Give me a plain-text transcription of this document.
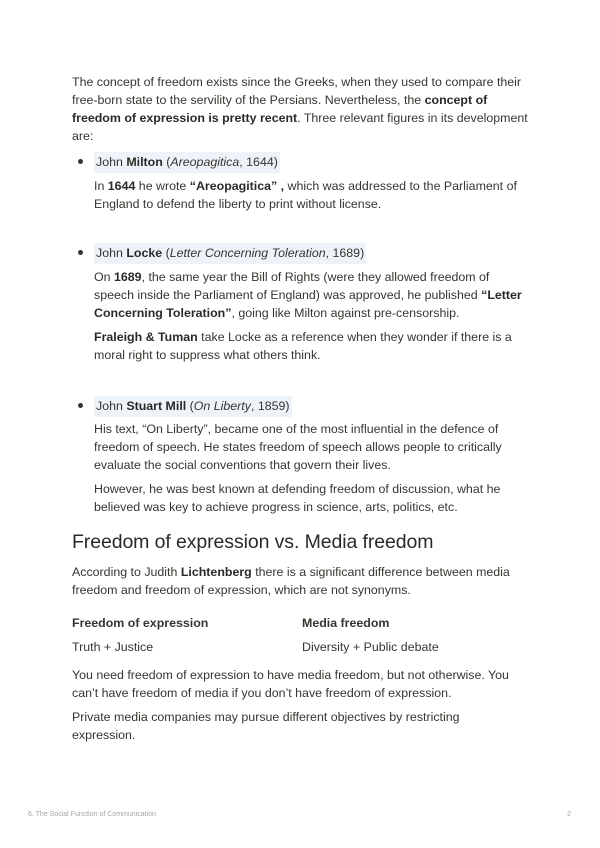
The concept of freedom exists since the Greeks, when they used to compare their free-born state to the servility of the Persians. Nevertheless, the concept of freedom of expression is pretty recent. Three relevant figures in its development are:

John Milton (Areopagitica, 1644)

In 1644 he wrote “Areopagitica” , which was addressed to the Parliament of England to defend the liberty to print without license.

John Locke (Letter Concerning Toleration, 1689)

On 1689, the same year the Bill of Rights (were they allowed freedom of speech inside the Parliament of England) was approved, he published “Letter Concerning Toleration”, going like Milton against pre-censorship.

Fraleigh & Tuman take Locke as a reference when they wonder if there is a moral right to suppress what others think.

John Stuart Mill (On Liberty, 1859)

His text, “On Liberty”, became one of the most influential in the defence of freedom of speech. He states freedom of speech allows people to critically evaluate the social conventions that govern their lives.

However, he was best known at defending freedom of discussion, what he believed was key to achieve progress in science, arts, politics, etc.

Freedom of expression vs. Media freedom

According to Judith Lichtenberg there is a significant difference between media freedom and freedom of expression, which are not synonyms.

Freedom of expression	Media freedom
Truth + Justice	Diversity + Public debate

You need freedom of expression to have media freedom, but not otherwise. You can’t have freedom of media if you don’t have freedom of expression.

Private media companies may pursue different objectives by restricting expression.

6. The Social Function of Communication	2
